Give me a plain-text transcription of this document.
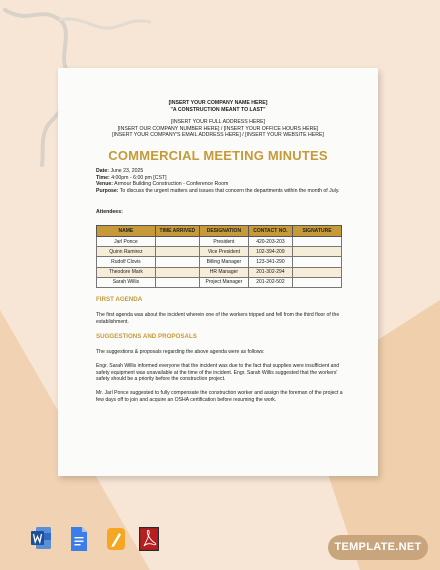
[INSERT YOUR COMPANY NAME HERE]
"A CONSTRUCTION MEANT TO LAST"
[INSERT YOUR FULL ADDRESS HERE]
[INSERT OUR COMPANY NUMBER HERE] / [INSERT YOUR OFFICE HOURS HERE]
[INSERT YOUR COMPANY'S EMAIL ADDRESS HERE] / [INSERT YOUR WEBSITE HERE]
COMMERCIAL MEETING MINUTES
Date: June 23, 2025
Time: 4:00pm - 6:00 pm [CST]
Venue: Armour Building Construction - Conference Room
Purpose: To discuss the urgent matters and issues that concern the departments within the month of July.
Attendees:
NAME	TIME ARRIVED	DESIGNATION	CONTACT NO.	SIGNATURE
Jarl Ponce		President	420-203-203	
Quinn Ramirez		Vice President	102-394-209	
Rudolf Clovis		Billing Manager	123-341-290	
Theodore Mark		HR Manager	201-302-294	
Sarah Willis		Project Manager	201-202-502	
FIRST AGENDA
The first agenda was about the incident wherein one of the workers tripped and fell from the third floor of the establishment.
SUGGESTIONS AND PROPOSALS
The suggestions & proposals regarding the above agenda were as follows:
Engr. Sarah Willis informed everyone that the incident was due to the fact that supplies were insufficient and safety equipment was unavailable at the time of the incident. Engr. Sarah Willis suggested that the workers' safety should be a priority before the construction project.
Mr. Jarl Ponce suggested to fully compensate the construction worker and assign the foreman of the project a few days off to join and acquire an OSHA certification before resuming the work.
TEMPLATE.NET
